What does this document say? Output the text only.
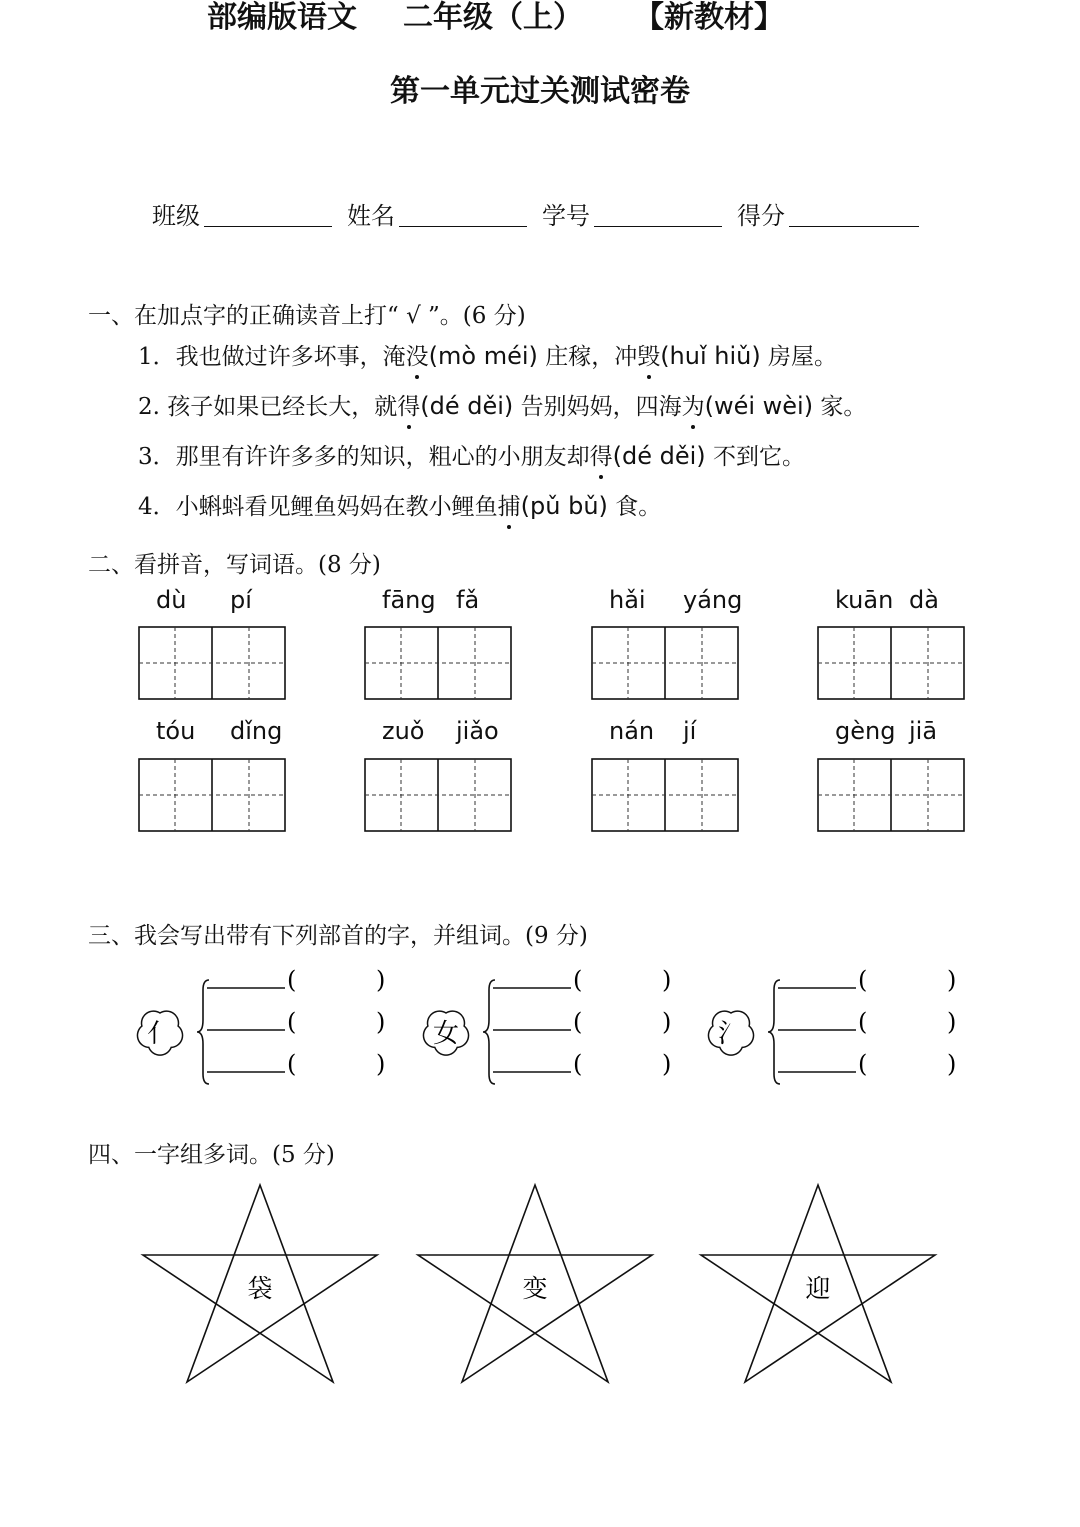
部编版语文 二年级（上） 【新教材】
第一单元过关测试密卷
班级	姓名	学号	得分
一、在加点字的正确读音上打“ √ ”。(6 分)
1．我也做过许多坏事，淹没(mò méi) 庄稼，冲毁(huǐ hiǔ) 房屋。
2. 孩子如果已经长大，就得(dé děi) 告别妈妈，四海为(wéi wèi) 家。
3．那里有许许多多的知识，粗心的小朋友却得(dé děi) 不到它。
4．小蝌蚪看见鲤鱼妈妈在教小鲤鱼捕(pǔ bǔ) 食。
二、看拼音，写词语。(8 分)
dù pí	fāng fǎ	hǎi yáng	kuān dà
tóu dǐng	zuǒ jiǎo	nán jí	gèng jiā
三、我会写出带有下列部首的字，并组词。(9 分)
亻
(	)
(	)
(	)
女
(	)
(	)
(	)
氵
(	)
(	)
(	)
四、一字组多词。(5 分)
袋	变	迎
